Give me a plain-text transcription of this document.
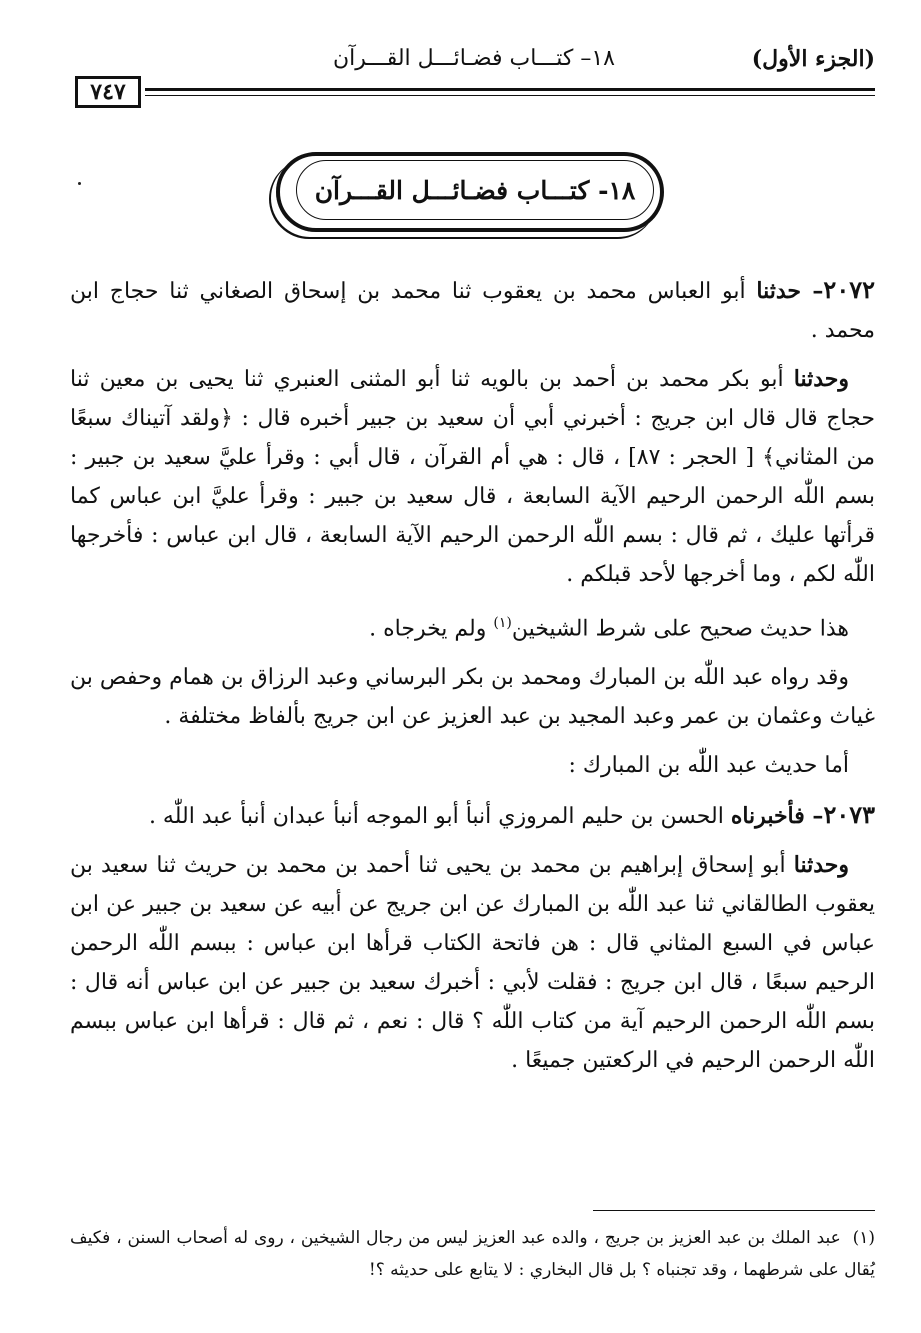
(الجزء الأول)
١٨– كتـــاب فضـائـــل القـــرآن
٧٤٧
١٨- كتـــاب فضـائـــل القـــرآن

٢٠٧٢– حدثنا أبو العباس محمد بن يعقوب ثنا محمد بن إسحاق الصغاني ثنا حجاج ابن محمد .

وحدثنا أبو بكر محمد بن أحمد بن بالويه ثنا أبو المثنى العنبري ثنا يحيى بن معين ثنا حجاج قال قال ابن جريج : أخبرني أبي أن سعيد بن جبير أخبره قال : ﴿ولقد آتيناك سبعًا من المثاني﴾ [ الحجر : ٨٧] ، قال : هي أم القرآن ، قال أبي : وقرأ عليَّ سعيد بن جبير : بسم اللّٰه الرحمن الرحيم الآية السابعة ، قال سعيد بن جبير : وقرأ عليَّ ابن عباس كما قرأتها عليك ، ثم قال : بسم اللّٰه الرحمن الرحيم الآية السابعة ، قال ابن عباس : فأخرجها اللّٰه لكم ، وما أخرجها لأحد قبلكم .

هذا حديث صحيح على شرط الشيخين$^{(١)}$ ولم يخرجاه .

وقد رواه عبد اللّٰه بن المبارك ومحمد بن بكر البرساني وعبد الرزاق بن همام وحفص بن غياث وعثمان بن عمر وعبد المجيد بن عبد العزيز عن ابن جريج بألفاظ مختلفة .

أما حديث عبد اللّٰه بن المبارك :

٢٠٧٣– فأخبرناه الحسن بن حليم المروزي أنبأ أبو الموجه أنبأ عبدان أنبأ عبد اللّٰه .

وحدثنا أبو إسحاق إبراهيم بن محمد بن يحيى ثنا أحمد بن محمد بن حريث ثنا سعيد بن يعقوب الطالقاني ثنا عبد اللّٰه بن المبارك عن ابن جريج عن أبيه عن سعيد بن جبير عن ابن عباس في السبع المثاني قال : هن فاتحة الكتاب قرأها ابن عباس : ببسم اللّٰه الرحمن الرحيم سبعًا ، قال ابن جريج : فقلت لأبي : أخبرك سعيد بن جبير عن ابن عباس أنه قال : بسم اللّٰه الرحمن الرحيم آية من كتاب اللّٰه ؟ قال : نعم ، ثم قال : قرأها ابن عباس ببسم اللّٰه الرحمن الرحيم في الركعتين جميعًا .

(١)  عبد الملك بن عبد العزيز بن جريج ، والده عبد العزيز ليس من رجال الشيخين ، روى له أصحاب السنن ، فكيف يُقال على شرطهما ، وقد تجنباه ؟ بل قال البخاري : لا يتابع على حديثه ؟!
